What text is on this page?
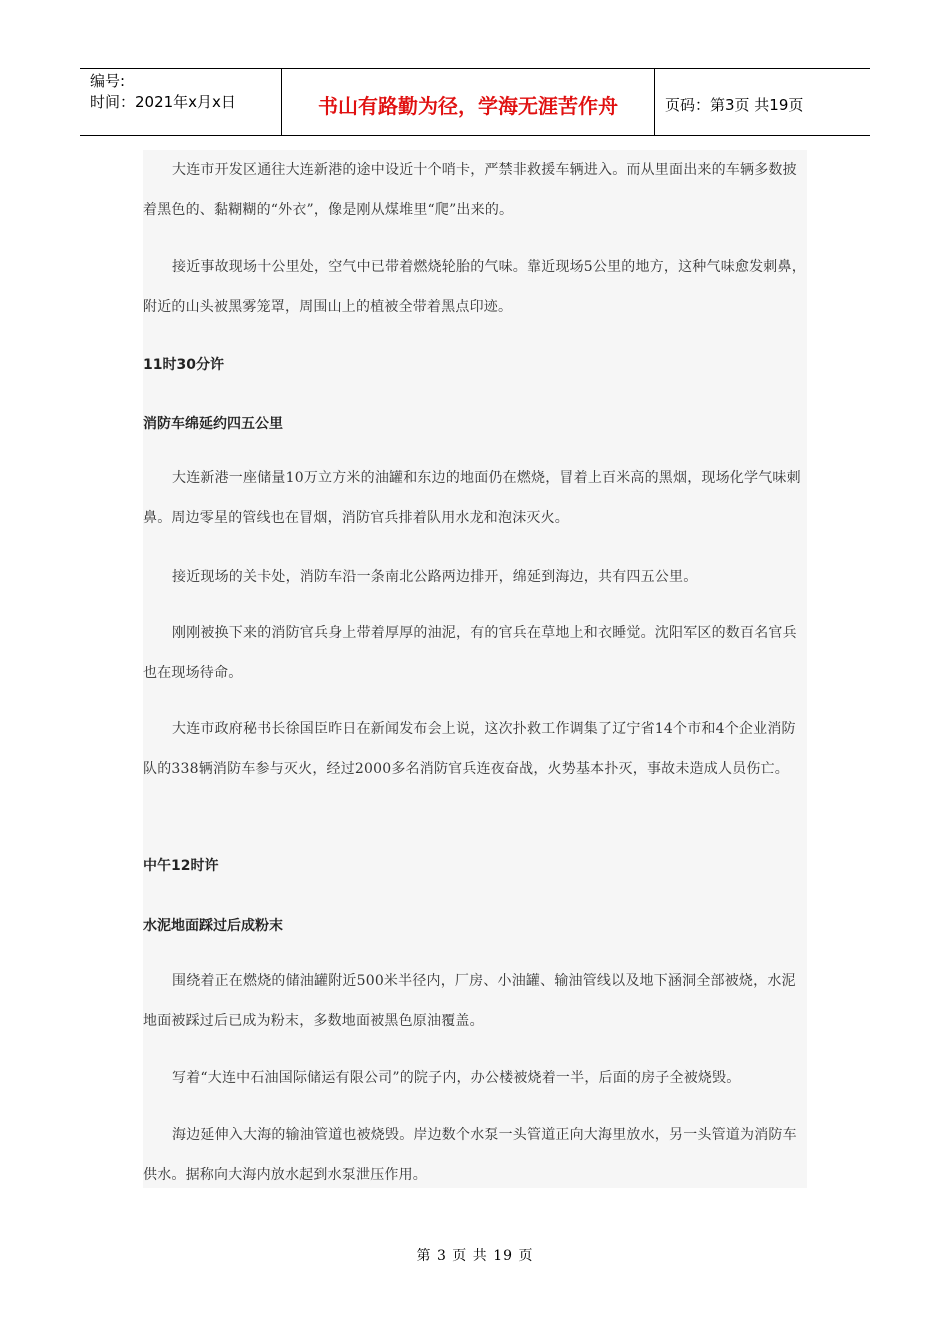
编号:
时间：2021年x月x日	书山有路勤为径，学海无涯苦作舟	页码：第3页 共19页
大连市开发区通往大连新港的途中设近十个哨卡，严禁非救援车辆进入。而从里面出来的车辆多数披着黑色的、黏糊糊的“外衣”，像是刚从煤堆里“爬”出来的。
接近事故现场十公里处，空气中已带着燃烧轮胎的气味。靠近现场5公里的地方，这种气味愈发刺鼻，附近的山头被黑雾笼罩，周围山上的植被全带着黑点印迹。
11时30分许
消防车绵延约四五公里
大连新港一座储量10万立方米的油罐和东边的地面仍在燃烧，冒着上百米高的黑烟，现场化学气味刺鼻。周边零星的管线也在冒烟，消防官兵排着队用水龙和泡沫灭火。
接近现场的关卡处，消防车沿一条南北公路两边排开，绵延到海边，共有四五公里。
刚刚被换下来的消防官兵身上带着厚厚的油泥，有的官兵在草地上和衣睡觉。沈阳军区的数百名官兵也在现场待命。
大连市政府秘书长徐国臣昨日在新闻发布会上说，这次扑救工作调集了辽宁省14个市和4个企业消防队的338辆消防车参与灭火，经过2000多名消防官兵连夜奋战，火势基本扑灭，事故未造成人员伤亡。
中午12时许
水泥地面踩过后成粉末
围绕着正在燃烧的储油罐附近500米半径内，厂房、小油罐、输油管线以及地下涵洞全部被烧，水泥地面被踩过后已成为粉末，多数地面被黑色原油覆盖。
写着“大连中石油国际储运有限公司”的院子内，办公楼被烧着一半，后面的房子全被烧毁。
海边延伸入大海的输油管道也被烧毁。岸边数个水泵一头管道正向大海里放水，另一头管道为消防车供水。据称向大海内放水起到水泵泄压作用。
第 3 页 共 19 页
